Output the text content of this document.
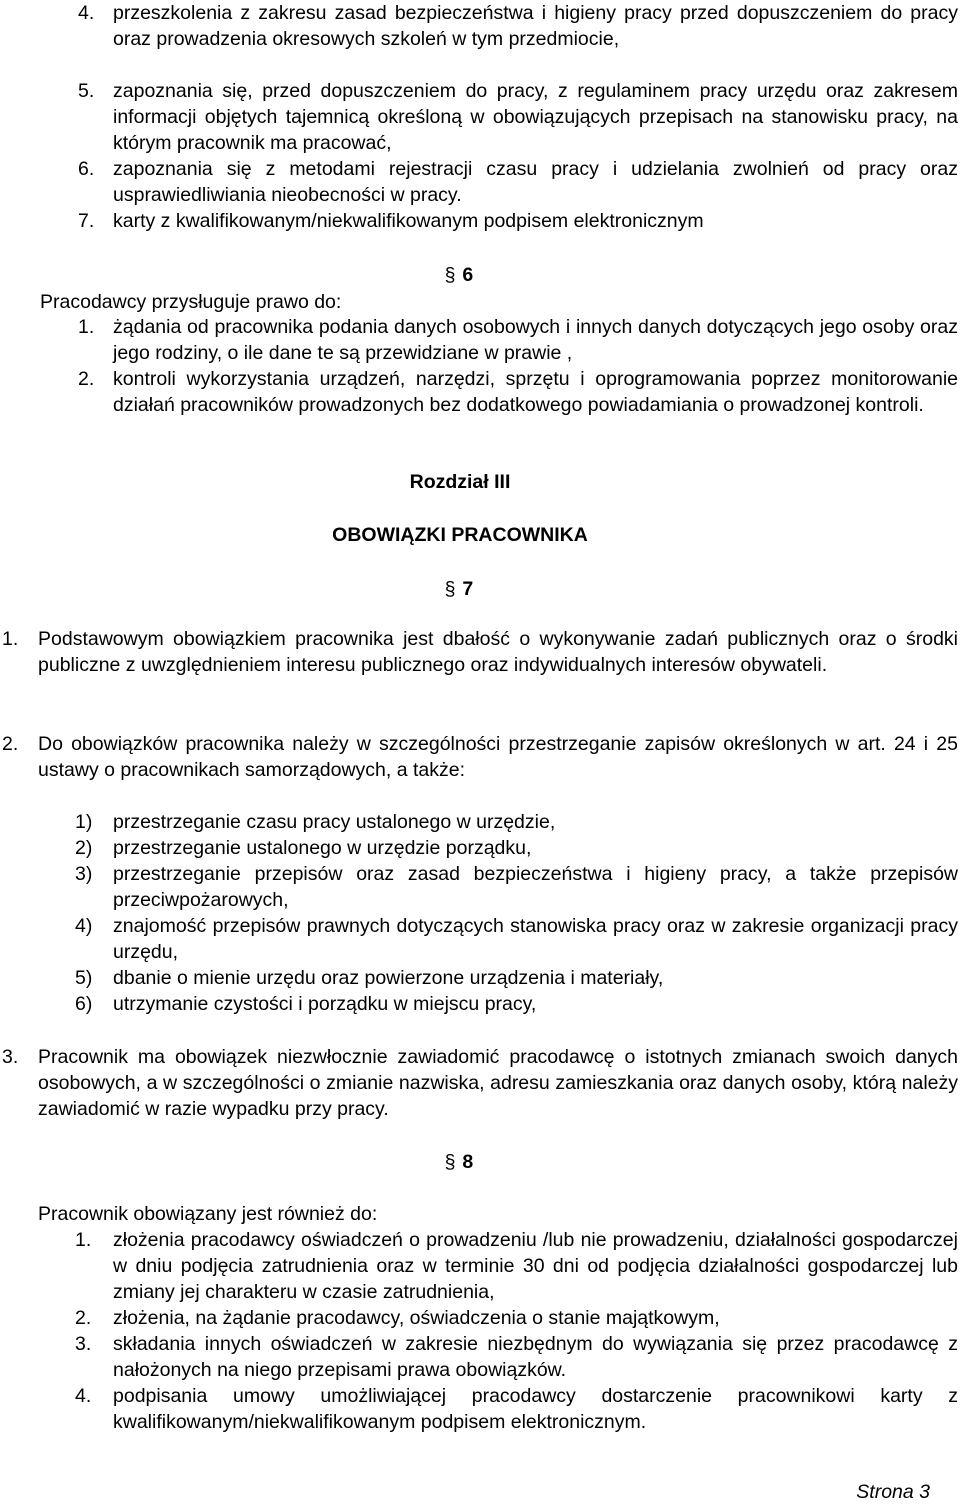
4. przeszkolenia z zakresu zasad bezpieczeństwa i higieny pracy przed dopuszczeniem do pracy oraz prowadzenia okresowych szkoleń w tym przedmiocie,
5. zapoznania się, przed dopuszczeniem do pracy, z regulaminem pracy urzędu oraz zakresem informacji objętych tajemnicą określoną w obowiązujących przepisach na stanowisku pracy, na którym pracownik ma pracować,
6. zapoznania się z metodami rejestracji czasu pracy i udzielania zwolnień od pracy oraz usprawiedliwiania nieobecności w pracy.
7. karty z kwalifikowanym/niekwalifikowanym podpisem elektronicznym
§ 6
Pracodawcy przysługuje prawo do:
1. żądania od pracownika podania danych osobowych i innych danych dotyczących jego osoby oraz jego rodziny, o ile dane te są przewidziane w prawie ,
2. kontroli wykorzystania urządzeń, narzędzi, sprzętu i oprogramowania poprzez monitorowanie działań pracowników prowadzonych bez dodatkowego powiadamiania o prowadzonej kontroli.
Rozdział III
OBOWIĄZKI PRACOWNIKA
§ 7
1.	Podstawowym obowiązkiem pracownika jest dbałość o wykonywanie zadań publicznych oraz o środki publiczne z uwzględnieniem interesu publicznego oraz indywidualnych interesów obywateli.
2.	Do obowiązków pracownika należy w szczególności przestrzeganie zapisów określonych w art. 24 i 25 ustawy o pracownikach samorządowych, a także:
1)	przestrzeganie czasu pracy ustalonego w urzędzie,
2)	przestrzeganie ustalonego w urzędzie porządku,
3)	przestrzeganie przepisów oraz zasad bezpieczeństwa i higieny pracy, a także przepisów przeciwpożarowych,
4)	znajomość przepisów prawnych dotyczących stanowiska pracy oraz w zakresie organizacji pracy urzędu,
5)	dbanie o mienie urzędu oraz powierzone urządzenia i materiały,
6)	utrzymanie czystości i porządku w miejscu pracy,
3.	Pracownik ma obowiązek niezwłocznie zawiadomić pracodawcę o istotnych zmianach swoich danych osobowych, a w szczególności o zmianie nazwiska, adresu zamieszkania oraz danych osoby, którą należy zawiadomić w razie wypadku przy pracy.
§ 8
Pracownik obowiązany jest również do:
1.	złożenia pracodawcy oświadczeń o prowadzeniu /lub nie prowadzeniu, działalności gospodarczej w dniu podjęcia zatrudnienia oraz w terminie 30 dni od podjęcia działalności gospodarczej lub zmiany jej charakteru w czasie zatrudnienia,
2.	złożenia, na żądanie pracodawcy, oświadczenia o stanie majątkowym,
3.	składania innych oświadczeń w zakresie niezbędnym do wywiązania się przez pracodawcę z nałożonych na niego przepisami prawa obowiązków.
4.	podpisania umowy umożliwiającej pracodawcy dostarczenie pracownikowi karty z kwalifikowanym/niekwalifikowanym podpisem elektronicznym.
Strona 3
